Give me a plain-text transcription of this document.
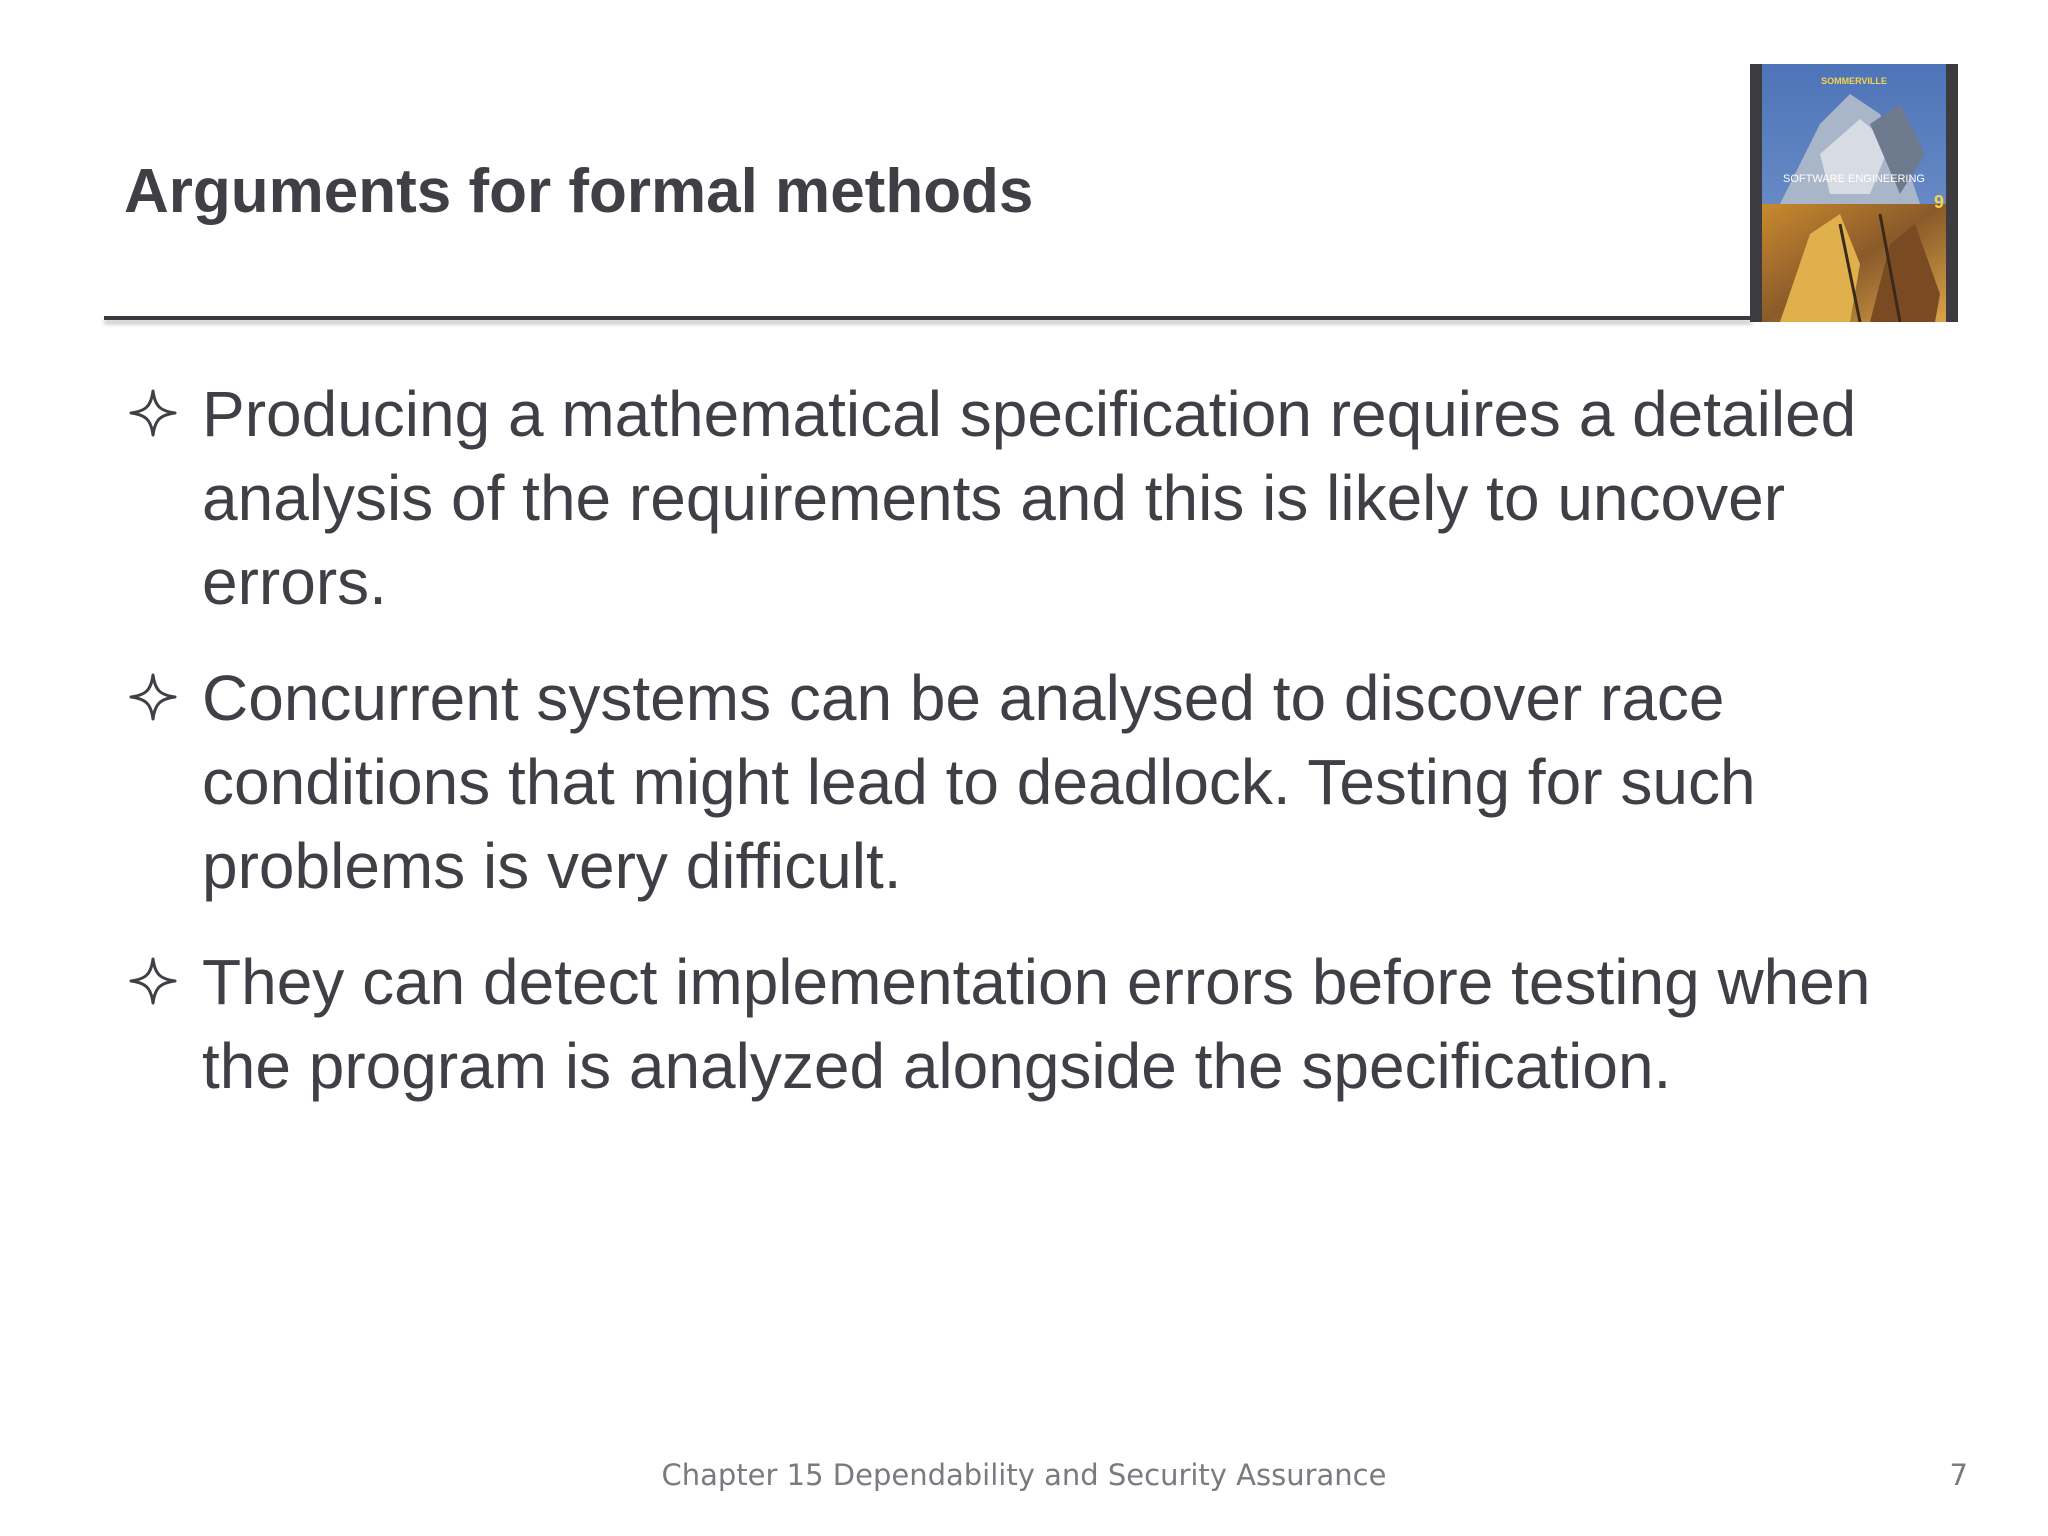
Arguments for formal methods
SOMMERVILLE
SOFTWARE ENGINEERING
9
Producing a mathematical specification requires a detailed analysis of the requirements and this is likely to uncover errors.
Concurrent systems can be analysed to discover race conditions that might lead to deadlock. Testing for such problems is very difficult.
They can detect implementation errors before testing when the program is analyzed alongside the specification.
Chapter 15 Dependability and Security Assurance	7
